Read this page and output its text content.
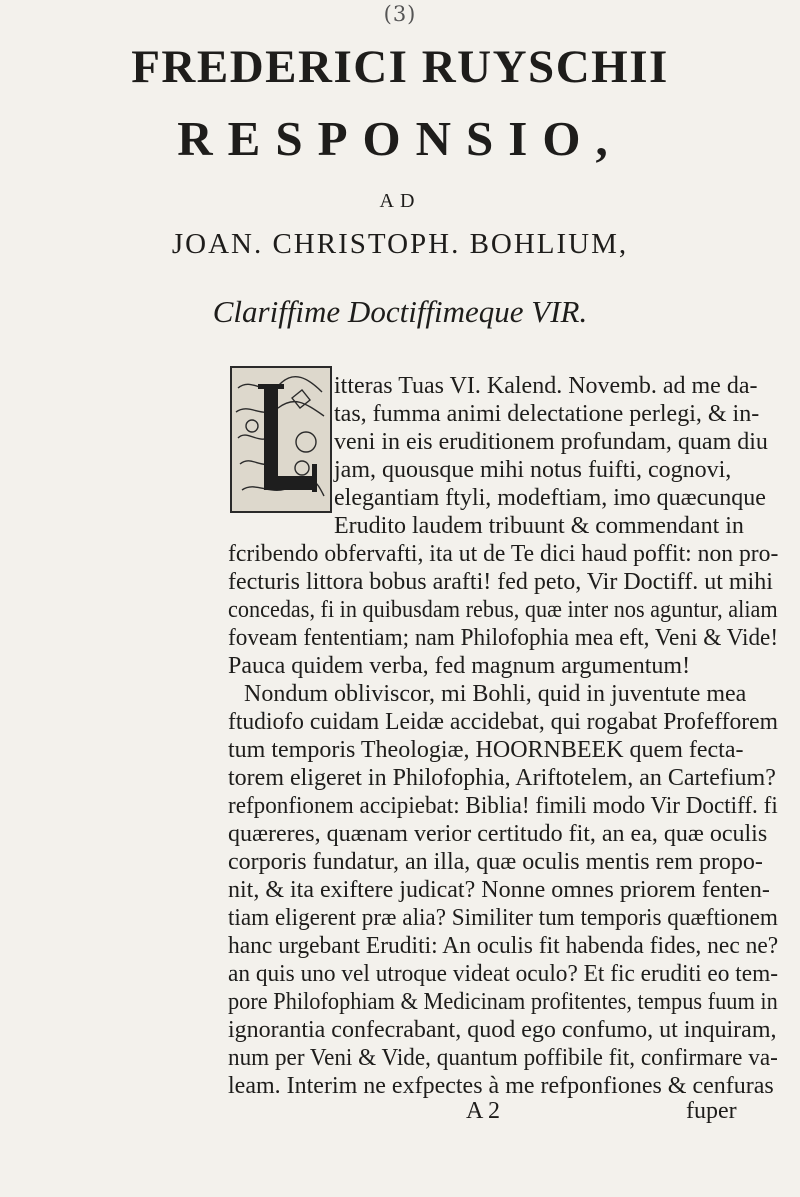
(3)
FREDERICI RUYSCHII
RESPONSIO,
AD
JOAN. CHRISTOPH. BOHLIUM,
Clariffime Doctiffimeque VIR.
itteras Tuas VI. Kalend. Novemb. ad me da-
tas, fumma animi delectatione perlegi, & in-
veni in eis eruditionem profundam, quam diu
jam, quousque mihi notus fuifti, cognovi,
elegantiam ftyli, modeftiam, imo quæcunque
Erudito laudem tribuunt & commendant in
fcribendo obfervafti, ita ut de Te dici haud poffit: non pro-
fecturis littora bobus arafti! fed peto, Vir Doctiff. ut mihi
concedas, fi in quibusdam rebus, quæ inter nos aguntur, aliam
foveam fententiam; nam Philofophia mea eft, Veni & Vide!
Pauca quidem verba, fed magnum argumentum!
Nondum obliviscor, mi Bohli, quid in juventute mea
ftudiofo cuidam Leidæ accidebat, qui rogabat Profefforem
tum temporis Theologiæ, HOORNBEEK quem fecta-
torem eligeret in Philofophia, Ariftotelem, an Cartefium?
refponfionem accipiebat: Biblia! fimili modo Vir Doctiff. fi
quæreres, quænam verior certitudo fit, an ea, quæ oculis
corporis fundatur, an illa, quæ oculis mentis rem propo-
nit, & ita exiftere judicat? Nonne omnes priorem fenten-
tiam eligerent præ alia? Similiter tum temporis quæftionem
hanc urgebant Eruditi: An oculis fit habenda fides, nec ne?
an quis uno vel utroque videat oculo? Et fic eruditi eo tem-
pore Philofophiam & Medicinam profitentes, tempus fuum in
ignorantia confecrabant, quod ego confumo, ut inquiram,
num per Veni & Vide, quantum poffibile fit, confirmare va-
leam. Interim ne exfpectes à me refponfiones & cenfuras
A 2	fuper
